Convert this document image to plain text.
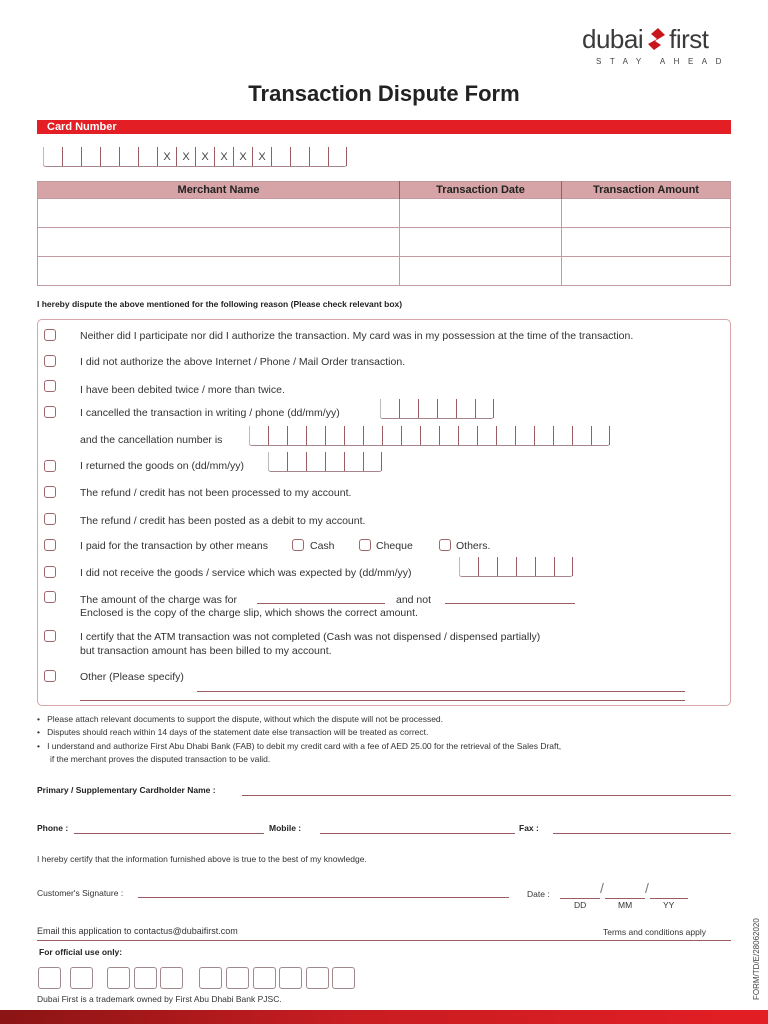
dubai first
STAY AHEAD
Transaction Dispute Form
Card Number
X	X	X	X	X	X
Merchant Name	Transaction Date	Transaction Amount

I hereby dispute the above mentioned for the following reason (Please check relevant box)
Neither did I participate nor did I authorize the transaction. My card was in my possession at the time of the transaction.
I did not authorize the above Internet / Phone / Mail Order transaction.
I have been debited twice / more than twice.
I cancelled the transaction in writing / phone (dd/mm/yy)
and the cancellation number is
I returned the goods on (dd/mm/yy)
The refund / credit has not been processed to my account.
The refund / credit has been posted as a debit to my account.
I paid for the transaction by other means	Cash	Cheque	Others.
I did not receive the goods / service which was expected by (dd/mm/yy)
The amount of the charge was for	and not
Enclosed is the copy of the charge slip, which shows the correct amount.
I certify that the ATM transaction was not completed (Cash was not dispensed / dispensed partially)
but transaction amount has been billed to my account.
Other (Please specify)
•   Please attach relevant documents to support the dispute, without which the dispute will not be processed.
•   Disputes should reach within 14 days of the statement date else transaction will be treated as correct.
•   I understand and authorize First Abu Dhabi Bank (FAB) to debit my credit card with a fee of AED 25.00 for the retrieval of the Sales Draft,
if the merchant proves the disputed transaction to be valid.
Primary / Supplementary Cardholder Name :
Phone :	Mobile :	Fax :
I hereby certify that the information furnished above is true to the best of my knowledge.
Customer's Signature :	Date :	/	/
DD	MM	YY
Email this application to contactus@dubaifirst.com	Terms and conditions apply
For official use only:
Dubai First is a trademark owned by First Abu Dhabi Bank PJSC.	FORM/TD/E/28062020
